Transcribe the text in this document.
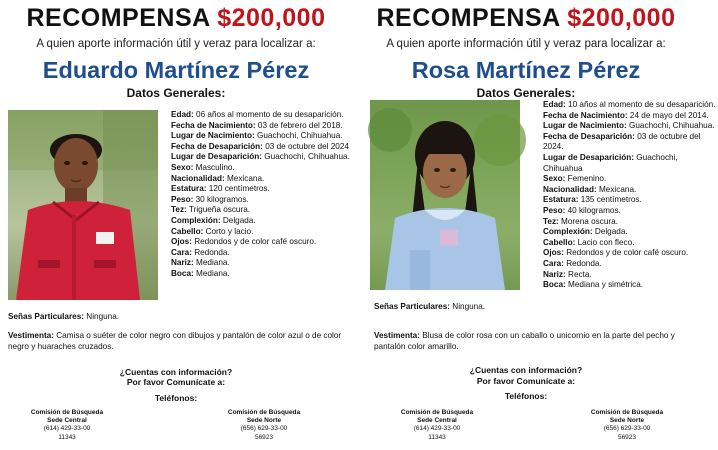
RECOMPENSA $200,000
A quien aporte información útil y veraz para localizar a:
Eduardo Martínez Pérez
Datos Generales:
Edad: 06 años al momento de su desaparición.
Fecha de Nacimiento: 03 de febrero del 2018.
Lugar de Nacimiento: Guachochi, Chihuahua.
Fecha de Desaparición: 03 de octubre del 2024
Lugar de Desaparición: Guachochi, Chihuahua.
Sexo: Masculino.
Nacionalidad: Mexicana.
Estatura: 120 centímetros.
Peso: 30 kilogramos.
Tez: Trigueña oscura.
Complexión: Delgada.
Cabello: Corto y lacio.
Ojos: Redondos y de color café oscuro.
Cara: Redonda.
Nariz: Mediana.
Boca: Mediana.
Señas Particulares: Ninguna.
Vestimenta: Camisa o suéter de color negro con dibujos y pantalón de color azul o de color negro y huaraches cruzados.
¿Cuentas con información?
Por favor Comunícate a:
Teléfonos:
Comisión de Búsqueda
Sede Central
(614) 429-33-00
11343
Comisión de Búsqueda
Sede Norte
(656) 629-33-00
56923
RECOMPENSA $200,000
A quien aporte información útil y veraz para localizar a:
Rosa Martínez Pérez
Datos Generales:
Edad: 10 años al momento de su desaparición.
Fecha de Nacimiento: 24 de mayo del 2014.
Lugar de Nacimiento: Guachochi, Chihuahua.
Fecha de Desaparición: 03 de octubre del 2024.
Lugar de Desaparición: Guachochi, Chihuahua
Sexo: Femenino.
Nacionalidad: Mexicana.
Estatura: 135 centímetros.
Peso: 40 kilogramos.
Tez: Morena oscura.
Complexión: Delgada.
Cabello: Lacio con fleco.
Ojos: Redondos y de color café oscuro.
Cara: Redonda.
Nariz: Recta.
Boca: Mediana y simétrica.
Señas Particulares: Ninguna.
Vestimenta: Blusa de color rosa con un caballo o unicornio en la parte del pecho y pantalón color amarillo.
¿Cuentas con información?
Por favor Comunícate a:
Teléfonos:
Comisión de Búsqueda
Sede Central
(614) 429-33-00
11343
Comisión de Búsqueda
Sede Norte
(656) 629-33-00
56923
